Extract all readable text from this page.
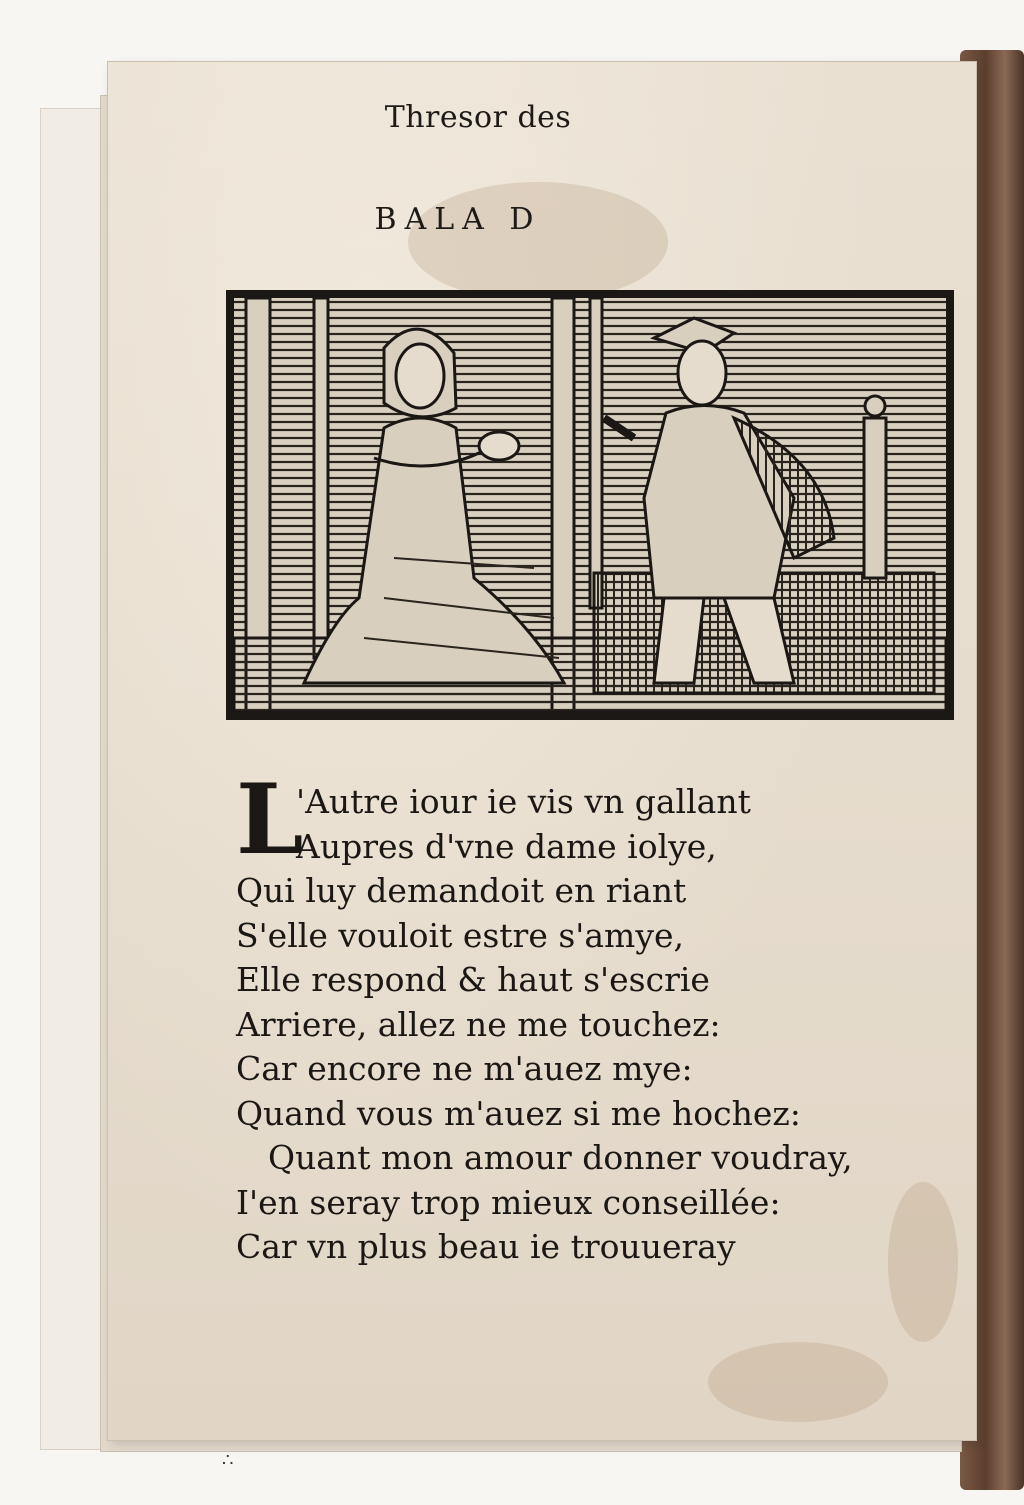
Thresor des
BALA D
L
'Autre iour ie vis vn gallant
Aupres d'vne dame iolye,
Qui luy demandoit en riant
S'elle vouloit estre s'amye,
Elle respond & haut s'escrie
Arriere, allez ne me touchez:
Car encore ne m'auez mye:
Quand vous m'auez si me hochez:
Quant mon amour donner voudray,
I'en seray trop mieux conseillée:
Car vn plus beau ie trouueray
∴
